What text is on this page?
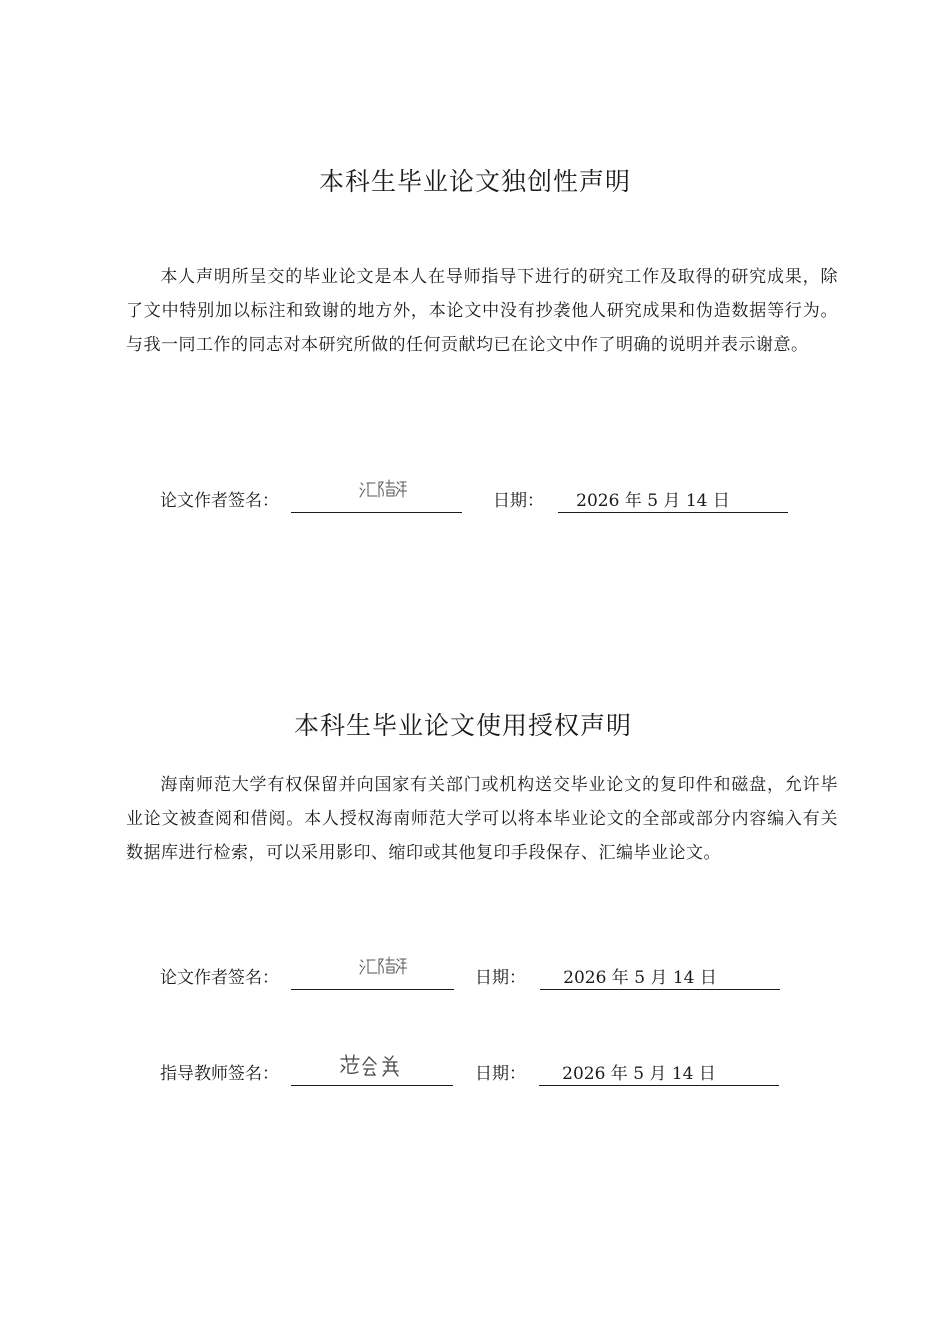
本科生毕业论文独创性声明

本人声明所呈交的毕业论文是本人在导师指导下进行的研究工作及取得的研究成果，除了文中特别加以标注和致谢的地方外，本论文中没有抄袭他人研究成果和伪造数据等行为。与我一同工作的同志对本研究所做的任何贡献均已在论文中作了明确的说明并表示谢意。

论文作者签名：	日期：	2026 年 5 月 14 日
本科生毕业论文使用授权声明

海南师范大学有权保留并向国家有关部门或机构送交毕业论文的复印件和磁盘，允许毕业论文被查阅和借阅。本人授权海南师范大学可以将本毕业论文的全部或部分内容编入有关数据库进行检索，可以采用影印、缩印或其他复印手段保存、汇编毕业论文。

论文作者签名：	日期：	2026 年 5 月 14 日
指导教师签名：	日期：	2026 年 5 月 14 日
